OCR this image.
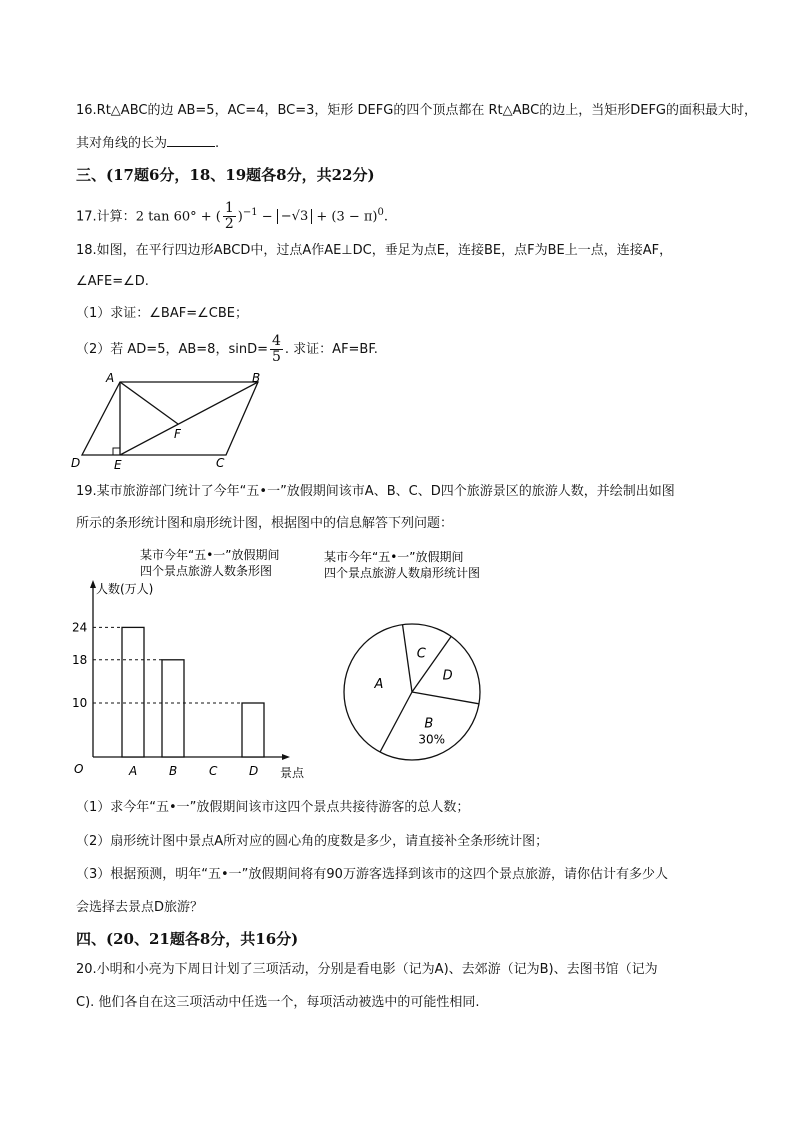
16.Rt△ABC的边 AB=5，AC=4，BC=3，矩形 DEFG的四个顶点都在 Rt△ABC的边上，当矩形DEFG的面积最大时，
其对角线的长为	.
三、(17题6分，18、19题各8分，共22分)
17.计算：2 tan 60° + ( $\frac{1}{2} )^{-1} - -√3 + (3 - \pi)^0$.
18.如图，在平行四边形ABCD中，过点A作AE⊥DC，垂足为点E，连接BE，点F为BE上一点，连接AF，
∠AFE=∠D.
（1）求证：∠BAF=∠CBE；
（2）若 AD=5，AB=8，$\sin D= \frac{4}{5}$ . 求证：AF=BF.
A	B
F
D	E	C
19.某市旅游部门统计了今年“五•一”放假期间该市A、B、C、D四个旅游景区的旅游人数，并绘制出如图
所示的条形统计图和扇形统计图，根据图中的信息解答下列问题：
某市今年“五•一”放假期间
四个景点旅游人数条形图
人数(万人)
景点
O	A	B	C	D
10
18
24
某市今年“五•一”放假期间
四个景点旅游人数扇形统计图
C
D
B
30%
A
（1）求今年“五•一”放假期间该市这四个景点共接待游客的总人数；
（2）扇形统计图中景点A所对应的圆心角的度数是多少，请直接补全条形统计图；
（3）根据预测，明年“五•一”放假期间将有90万游客选择到该市的这四个景点旅游，请你估计有多少人
会选择去景点D旅游？
四、(20、21题各8分，共16分)
20.小明和小亮为下周日计划了三项活动，分别是看电影（记为A)、去郊游（记为B)、去图书馆（记为
C). 他们各自在这三项活动中任选一个，每项活动被选中的可能性相同.
